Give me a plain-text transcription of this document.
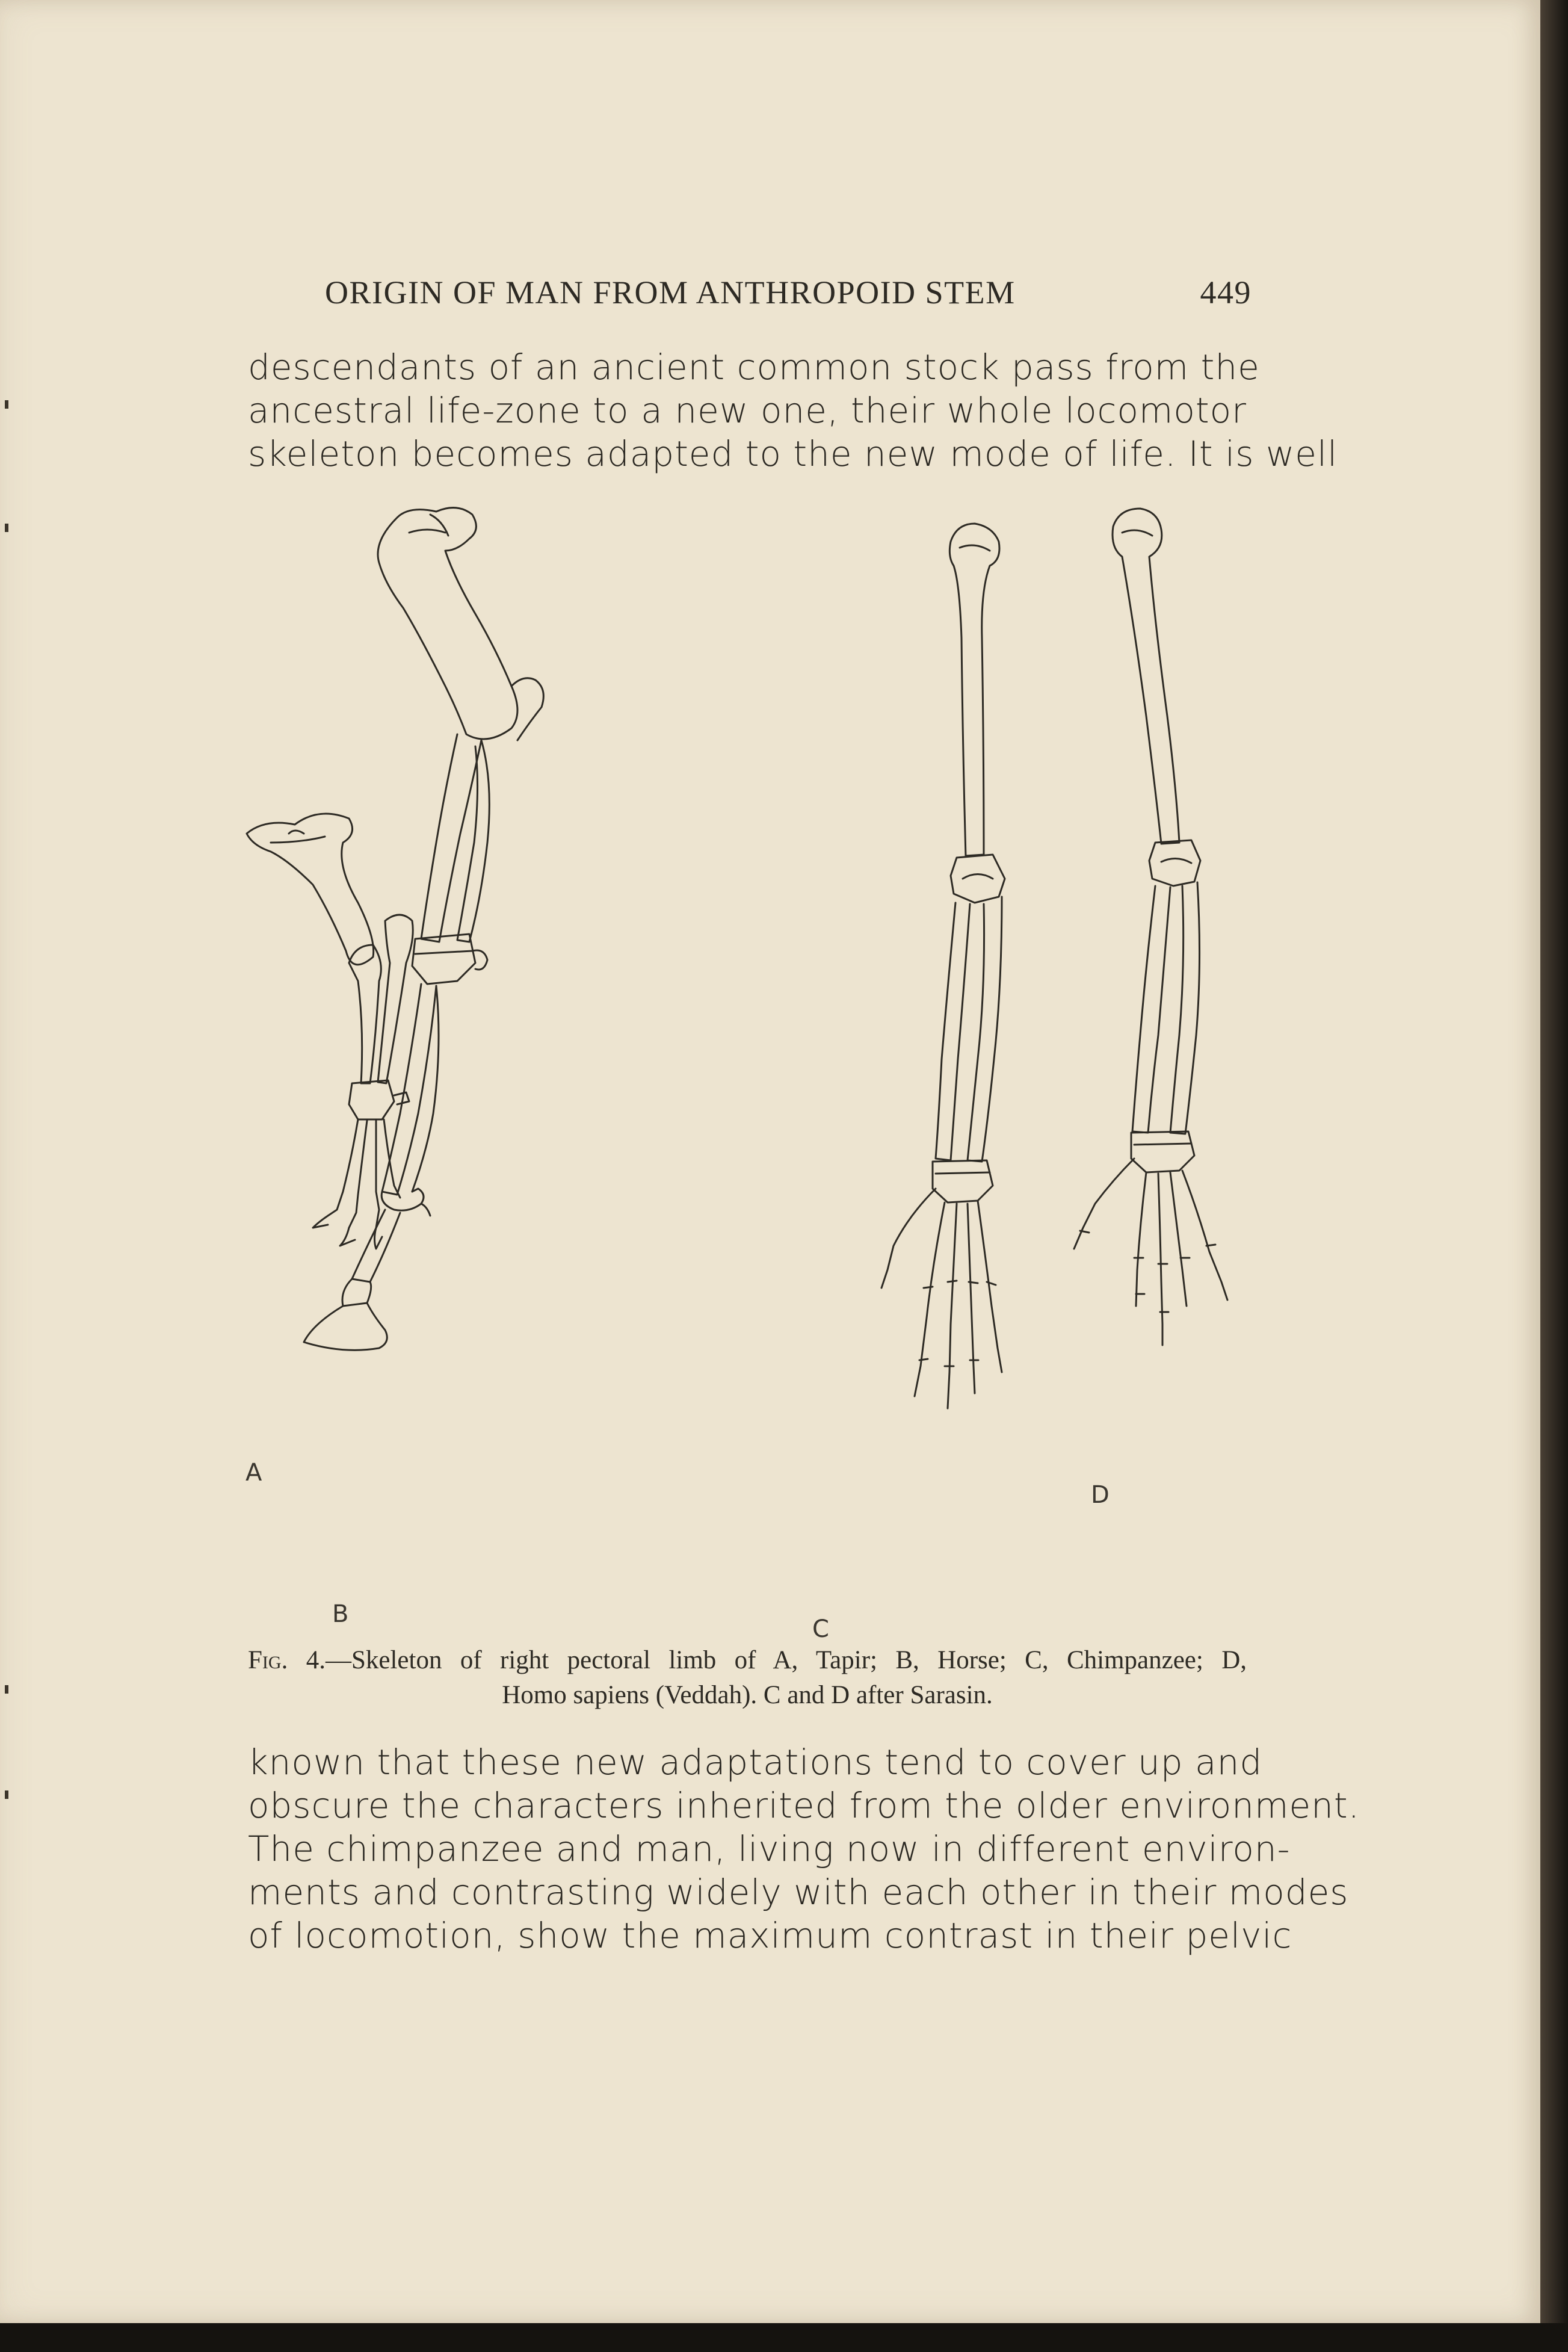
ORIGIN OF MAN FROM ANTHROPOID STEM	449
descendants of an ancient common stock pass from the
ancestral life-zone to a new one, their whole locomotor
skeleton becomes adapted to the new mode of life. It is well
A
B
C
D
Fig. 4.—Skeleton of right pectoral limb of A, Tapir; B, Horse; C, Chimpanzee; D,
Homo sapiens (Veddah). C and D after Sarasin.
known that these new adaptations tend to cover up and
obscure the characters inherited from the older environment.
The chimpanzee and man, living now in different environ-
ments and contrasting widely with each other in their modes
of locomotion, show the maximum contrast in their pelvic
